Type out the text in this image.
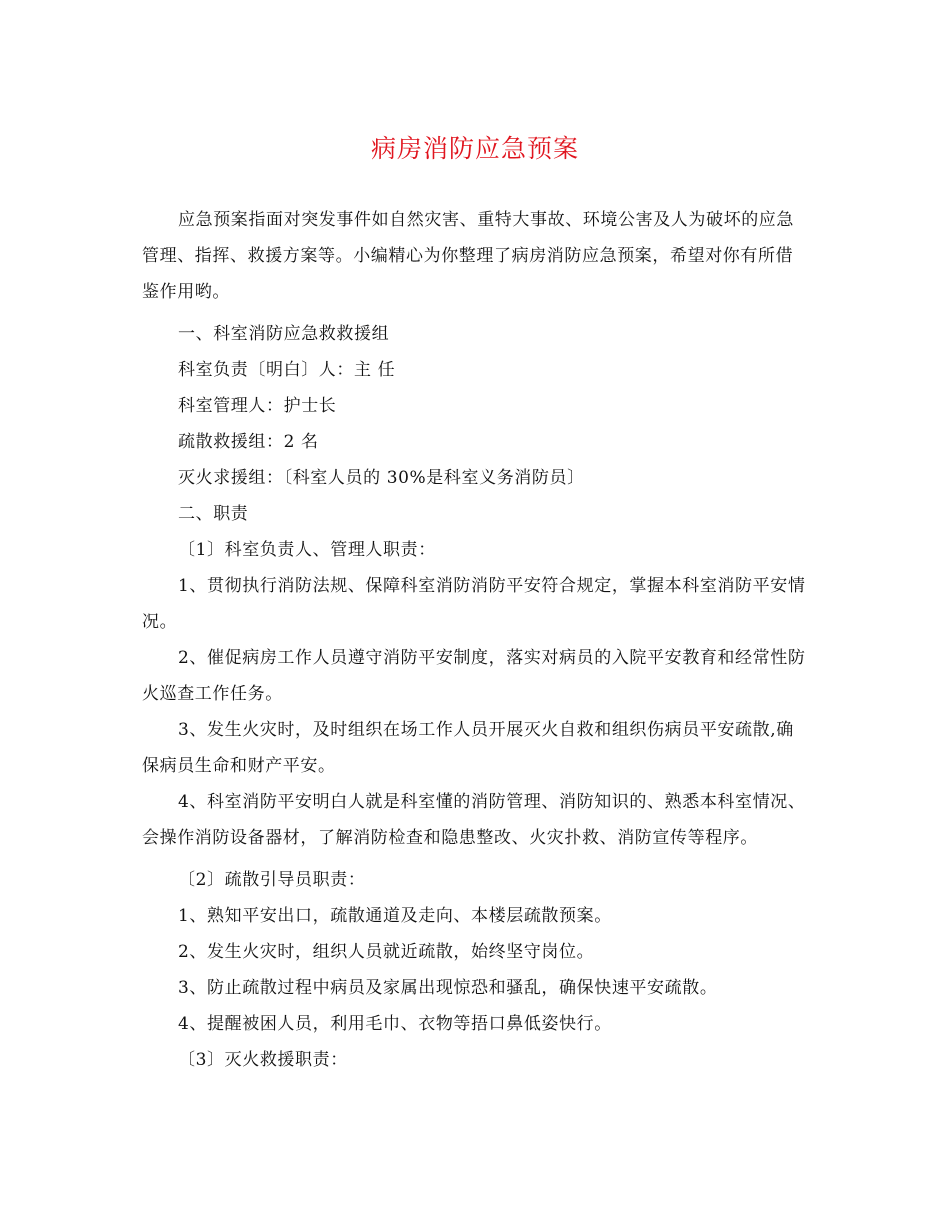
病房消防应急预案

应急预案指面对突发事件如自然灾害、重特大事故、环境公害及人为破坏的应急管理、指挥、救援方案等。小编精心为你整理了病房消防应急预案，希望对你有所借鉴作用哟。

一、科室消防应急救救援组

科室负责〔明白〕人：主 任

科室管理人：护士长

疏散救援组：2 名

灭火求援组：〔科室人员的 30%是科室义务消防员〕

二、职责

〔1〕科室负责人、管理人职责：

1、贯彻执行消防法规、保障科室消防消防平安符合规定，掌握本科室消防平安情况。

2、催促病房工作人员遵守消防平安制度，落实对病员的入院平安教育和经常性防火巡查工作任务。

3、发生火灾时，及时组织在场工作人员开展灭火自救和组织伤病员平安疏散,确保病员生命和财产平安。

4、科室消防平安明白人就是科室懂的消防管理、消防知识的、熟悉本科室情况、会操作消防设备器材，了解消防检查和隐患整改、火灾扑救、消防宣传等程序。

〔2〕疏散引导员职责：

1、熟知平安出口，疏散通道及走向、本楼层疏散预案。

2、发生火灾时，组织人员就近疏散，始终坚守岗位。

3、防止疏散过程中病员及家属出现惊恐和骚乱，确保快速平安疏散。

4、提醒被困人员，利用毛巾、衣物等捂口鼻低姿快行。

〔3〕灭火救援职责：
